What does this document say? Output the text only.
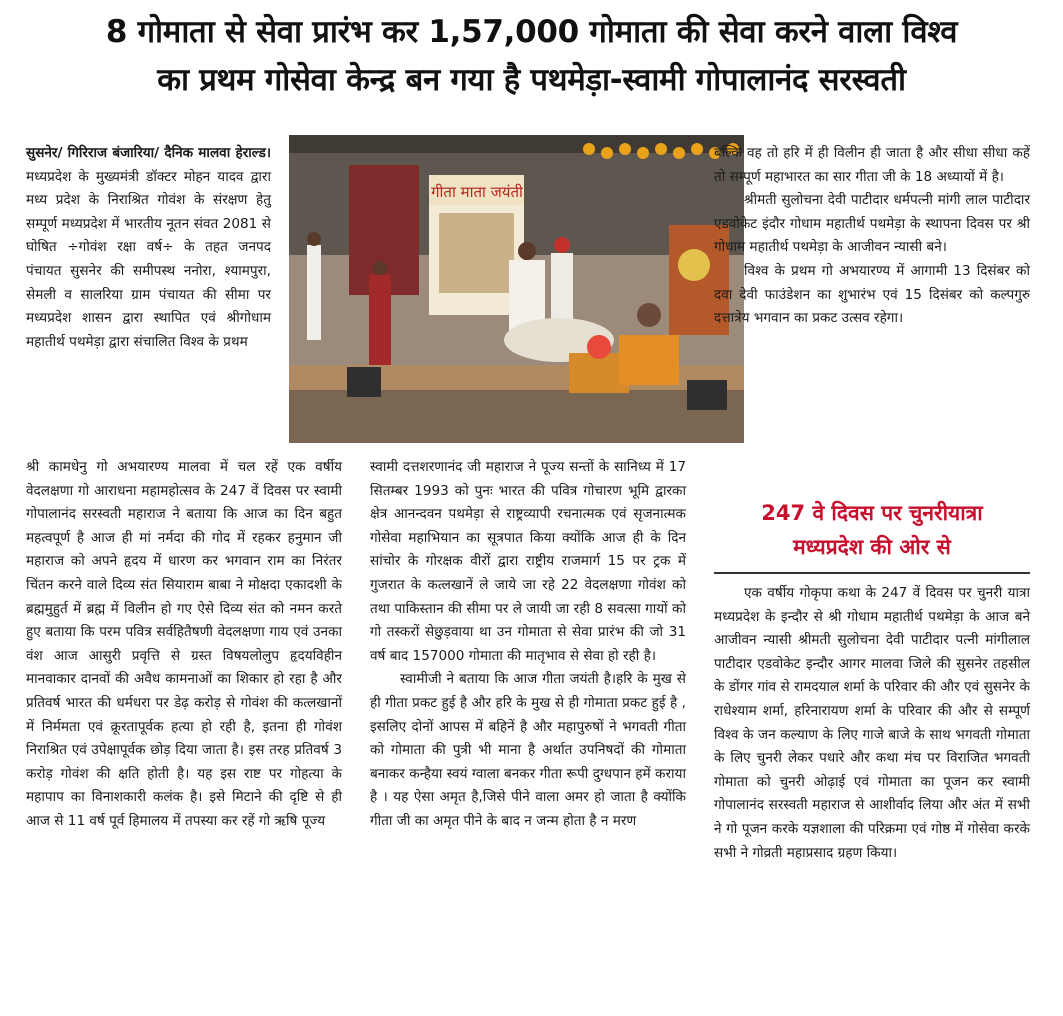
8 गोमाता से सेवा प्रारंभ कर 1,57,000 गोमाता की सेवा करने वाला विश्व
का प्रथम गोसेवा केन्द्र बन गया है पथमेड़ा-स्वामी गोपालानंद सरस्वती
गीता माता जयंती

सुसनेर/ गिरिराज बंजारिया/ दैनिक मालवा हेराल्ड। मध्यप्रदेश के मुख्यमंत्री डॉक्टर मोहन यादव द्वारा मध्य प्रदेश के निराश्रित गोवंश के संरक्षण हेतु सम्पूर्ण मध्यप्रदेश में भारतीय नूतन संवत 2081 से घोषित ÷गोवंश रक्षा वर्ष÷ के तहत जनपद पंचायत सुसनेर की समीपस्थ ननोरा, श्यामपुरा, सेमली व सालरिया ग्राम पंचायत की सीमा पर मध्यप्रदेश शासन द्वारा स्थापित एवं श्रीगोधाम महातीर्थ पथमेड़ा द्वारा संचालित विश्व के प्रथम

श्री कामधेनु गो अभयारण्य मालवा में चल रहें एक वर्षीय वेदलक्षणा गो आराधना महामहोत्सव के 247 वें दिवस पर स्वामी गोपालानंद सरस्वती महाराज ने बताया कि आज का दिन बहुत महत्वपूर्ण है आज ही मां नर्मदा की गोद में रहकर हनुमान जी महाराज को अपने हृदय में धारण कर भगवान राम का निरंतर चिंतन करने वाले दिव्य संत सियाराम बाबा ने मोक्षदा एकादशी के ब्रह्ममुहुर्त में ब्रह्म में विलीन हो गए ऐसे दिव्य संत को नमन करते हुए बताया कि परम पवित्र सर्वहितैषणी वेदलक्षणा गाय एवं उनका वंश आज आसुरी प्रवृत्ति से ग्रस्त विषयलोलुप हृदयविहीन मानवाकार दानवों की अवैध कामनाओं का शिकार हो रहा है और प्रतिवर्ष भारत की धर्मधरा पर डेढ़ करोड़ से गोवंश की कत्लखानों में निर्ममता एवं क्रूरतापूर्वक हत्या हो रही है, इतना ही गोवंश निराश्रित एवं उपेक्षापूर्वक छोड़ दिया जाता है। इस तरह प्रतिवर्ष 3 करोड़ गोवंश की क्षति होती है। यह इस राष्ट पर गोहत्या के महापाप का विनाशकारी कलंक है। इसे मिटाने की दृष्टि से ही आज से 11 वर्ष पूर्व हिमालय में तपस्या कर रहें गो ऋषि पूज्य

स्वामी दत्तशरणानंद जी महाराज ने पूज्य सन्तों के सानिध्य में 17 सितम्बर 1993 को पुनः भारत की पवित्र गोचारण भूमि द्वारका क्षेत्र आनन्दवन पथमेड़ा से राष्ट्रव्यापी रचनात्मक एवं सृजनात्मक गोसेवा महाभियान का सूत्रपात किया क्योंकि आज ही के दिन सांचोर के गोरक्षक वीरों द्वारा राष्ट्रीय राजमार्ग 15 पर ट्रक में गुजरात के कत्लखानें ले जाये जा रहे 22 वेदलक्षणा गोवंश को तथा पाकिस्तान की सीमा पर ले जायी जा रही 8 सवत्सा गायों को गो तस्करों सेछुड़वाया था उन गोमाता से सेवा प्रारंभ की जो 31 वर्ष बाद 157000 गोमाता की मातृभाव से सेवा हो रही है।

स्वामीजी ने बताया कि आज गीता जयंती है।हरि के मुख से ही गीता प्रकट हुई है और हरि के मुख से ही गोमाता प्रकट हुई है , इसलिए दोनों आपस में बहिनें है और महापुरुषों ने भगवती गीता को गोमाता की पुत्री भी माना है अर्थात उपनिषदों की गोमाता बनाकर कन्हैया स्वयं ग्वाला बनकर गीता रूपी दुग्धपान हमें कराया है । यह ऐसा अमृत है,जिसे पीने वाला अमर हो जाता है क्योंकि गीता जी का अमृत पीने के बाद न जन्म होता है न मरण

बल्कि वह तो हरि में ही विलीन ही जाता है और सीधा सीधा कहें तो सम्पूर्ण महाभारत का सार गीता जी के 18 अध्यायों में है।

श्रीमती सुलोचना देवी पाटीदार धर्मपत्नी मांगी लाल पाटीदार एडवोकेट इंदौर गोधाम महातीर्थ पथमेड़ा के स्थापना दिवस पर श्री गोधाम महातीर्थ पथमेड़ा के आजीवन न्यासी बने।

विश्व के प्रथम गो अभयारण्य में आगामी 13 दिसंबर को दवा देवी फाउंडेशन का शुभारंभ एवं 15 दिसंबर को कल्पगुरु दत्तात्रेय भगवान का प्रकट उत्सव रहेगा।

247 वे दिवस पर चुनरीयात्रा
मध्यप्रदेश की ओर से

एक वर्षीय गोकृपा कथा के 247 वें दिवस पर चुनरी यात्रा मध्यप्रदेश के इन्दौर से श्री गोधाम महातीर्थ पथमेड़ा के आज बने आजीवन न्यासी श्रीमती सुलोचना देवी पाटीदार पत्नी मांगीलाल पाटीदार एडवोकेट इन्दौर आगर मालवा जिले की सुसनेर तहसील के डोंगर गांव से रामदयाल शर्मा के परिवार की और एवं सुसनेर के राधेश्याम शर्मा, हरिनारायण शर्मा के परिवार की और से सम्पूर्ण विश्व के जन कल्याण के लिए गाजे बाजे के साथ भगवती गोमाता के लिए चुनरी लेकर पधारे और कथा मंच पर विराजित भगवती गोमाता को चुनरी ओढ़ाई एवं गोमाता का पूजन कर स्वामी गोपालानंद सरस्वती महाराज से आशीर्वाद लिया और अंत में सभी ने गो पूजन करके यज्ञशाला की परिक्रमा एवं गोष्ठ में गोसेवा करके सभी ने गोव्रती महाप्रसाद ग्रहण किया।
